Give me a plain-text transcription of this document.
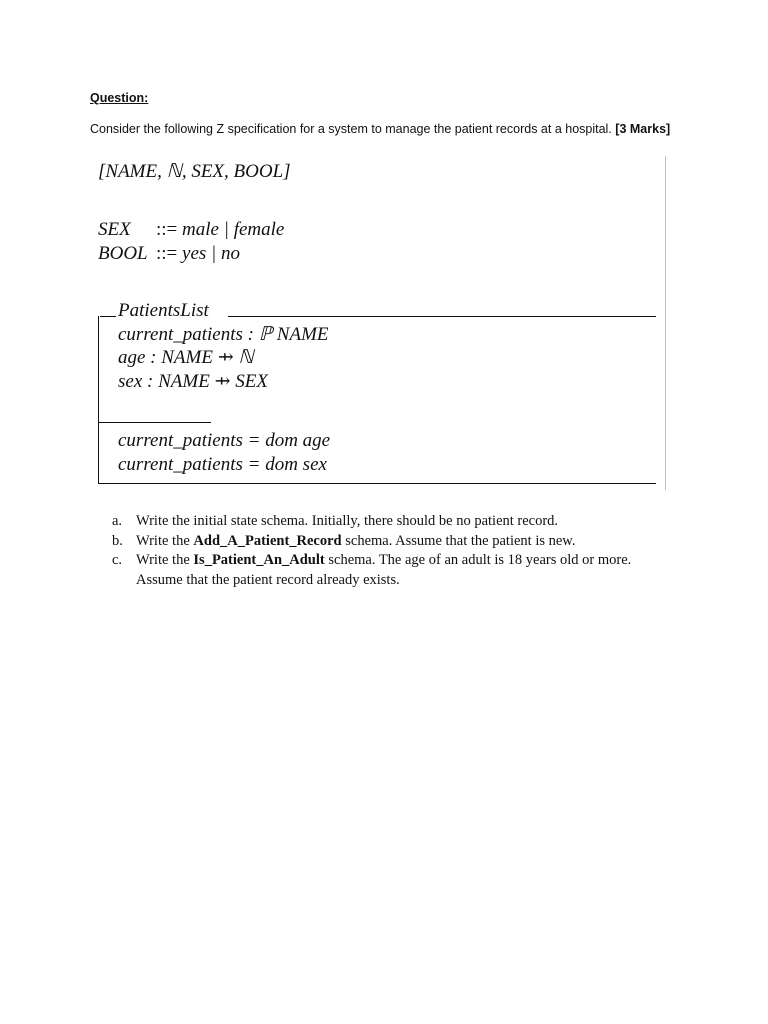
Question:
Consider the following Z specification for a system to manage the patient records at a hospital. [3 Marks]
[NAME, ℕ, SEX, BOOL]
SEX ::= male | female
BOOL ::= yes | no
PatientsList
current_patients : ℙ NAME
age : NAME ⇸ ℕ
sex : NAME ⇸ SEX
current_patients = dom age
current_patients = dom sex
a. Write the initial state schema. Initially, there should be no patient record.
b. Write the Add_A_Patient_Record schema. Assume that the patient is new.
c. Write the Is_Patient_An_Adult schema. The age of an adult is 18 years old or more. Assume that the patient record already exists.
